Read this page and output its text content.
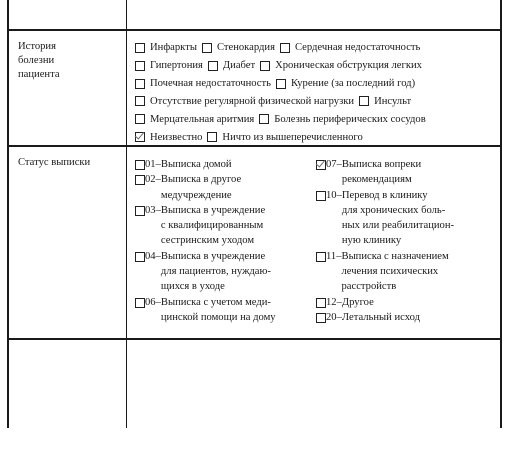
История
болезни
пациента
Инфаркты Стенокардия Сердечная недостаточность
Гипертония Диабет Хроническая обструкция легких
Почечная недостаточность Курение (за последний год)
Отсутствие регулярной физической нагрузки Инсульт
Мерцательная аритмия Болезнь периферических сосудов
Неизвестно Ничто из вышеперечисленного
Статус выписки	01 – Выписка домой
02 – Выписка в другое
медучреждение
03 – Выписка в учреждение
с квалифицированным
сестринским уходом
04 – Выписка в учреждение
для пациентов, нуждаю-
щихся в уходе
06 – Выписка с учетом меди-
цинской помощи на дому
07 – Выписка вопреки
рекомендациям
10 – Перевод в клинику
для хронических боль-
ных или реабилитацион-
ную клинику
11 – Выписка с назначением
лечения психических
расстройств
12 – Другое
20 – Летальный исход
